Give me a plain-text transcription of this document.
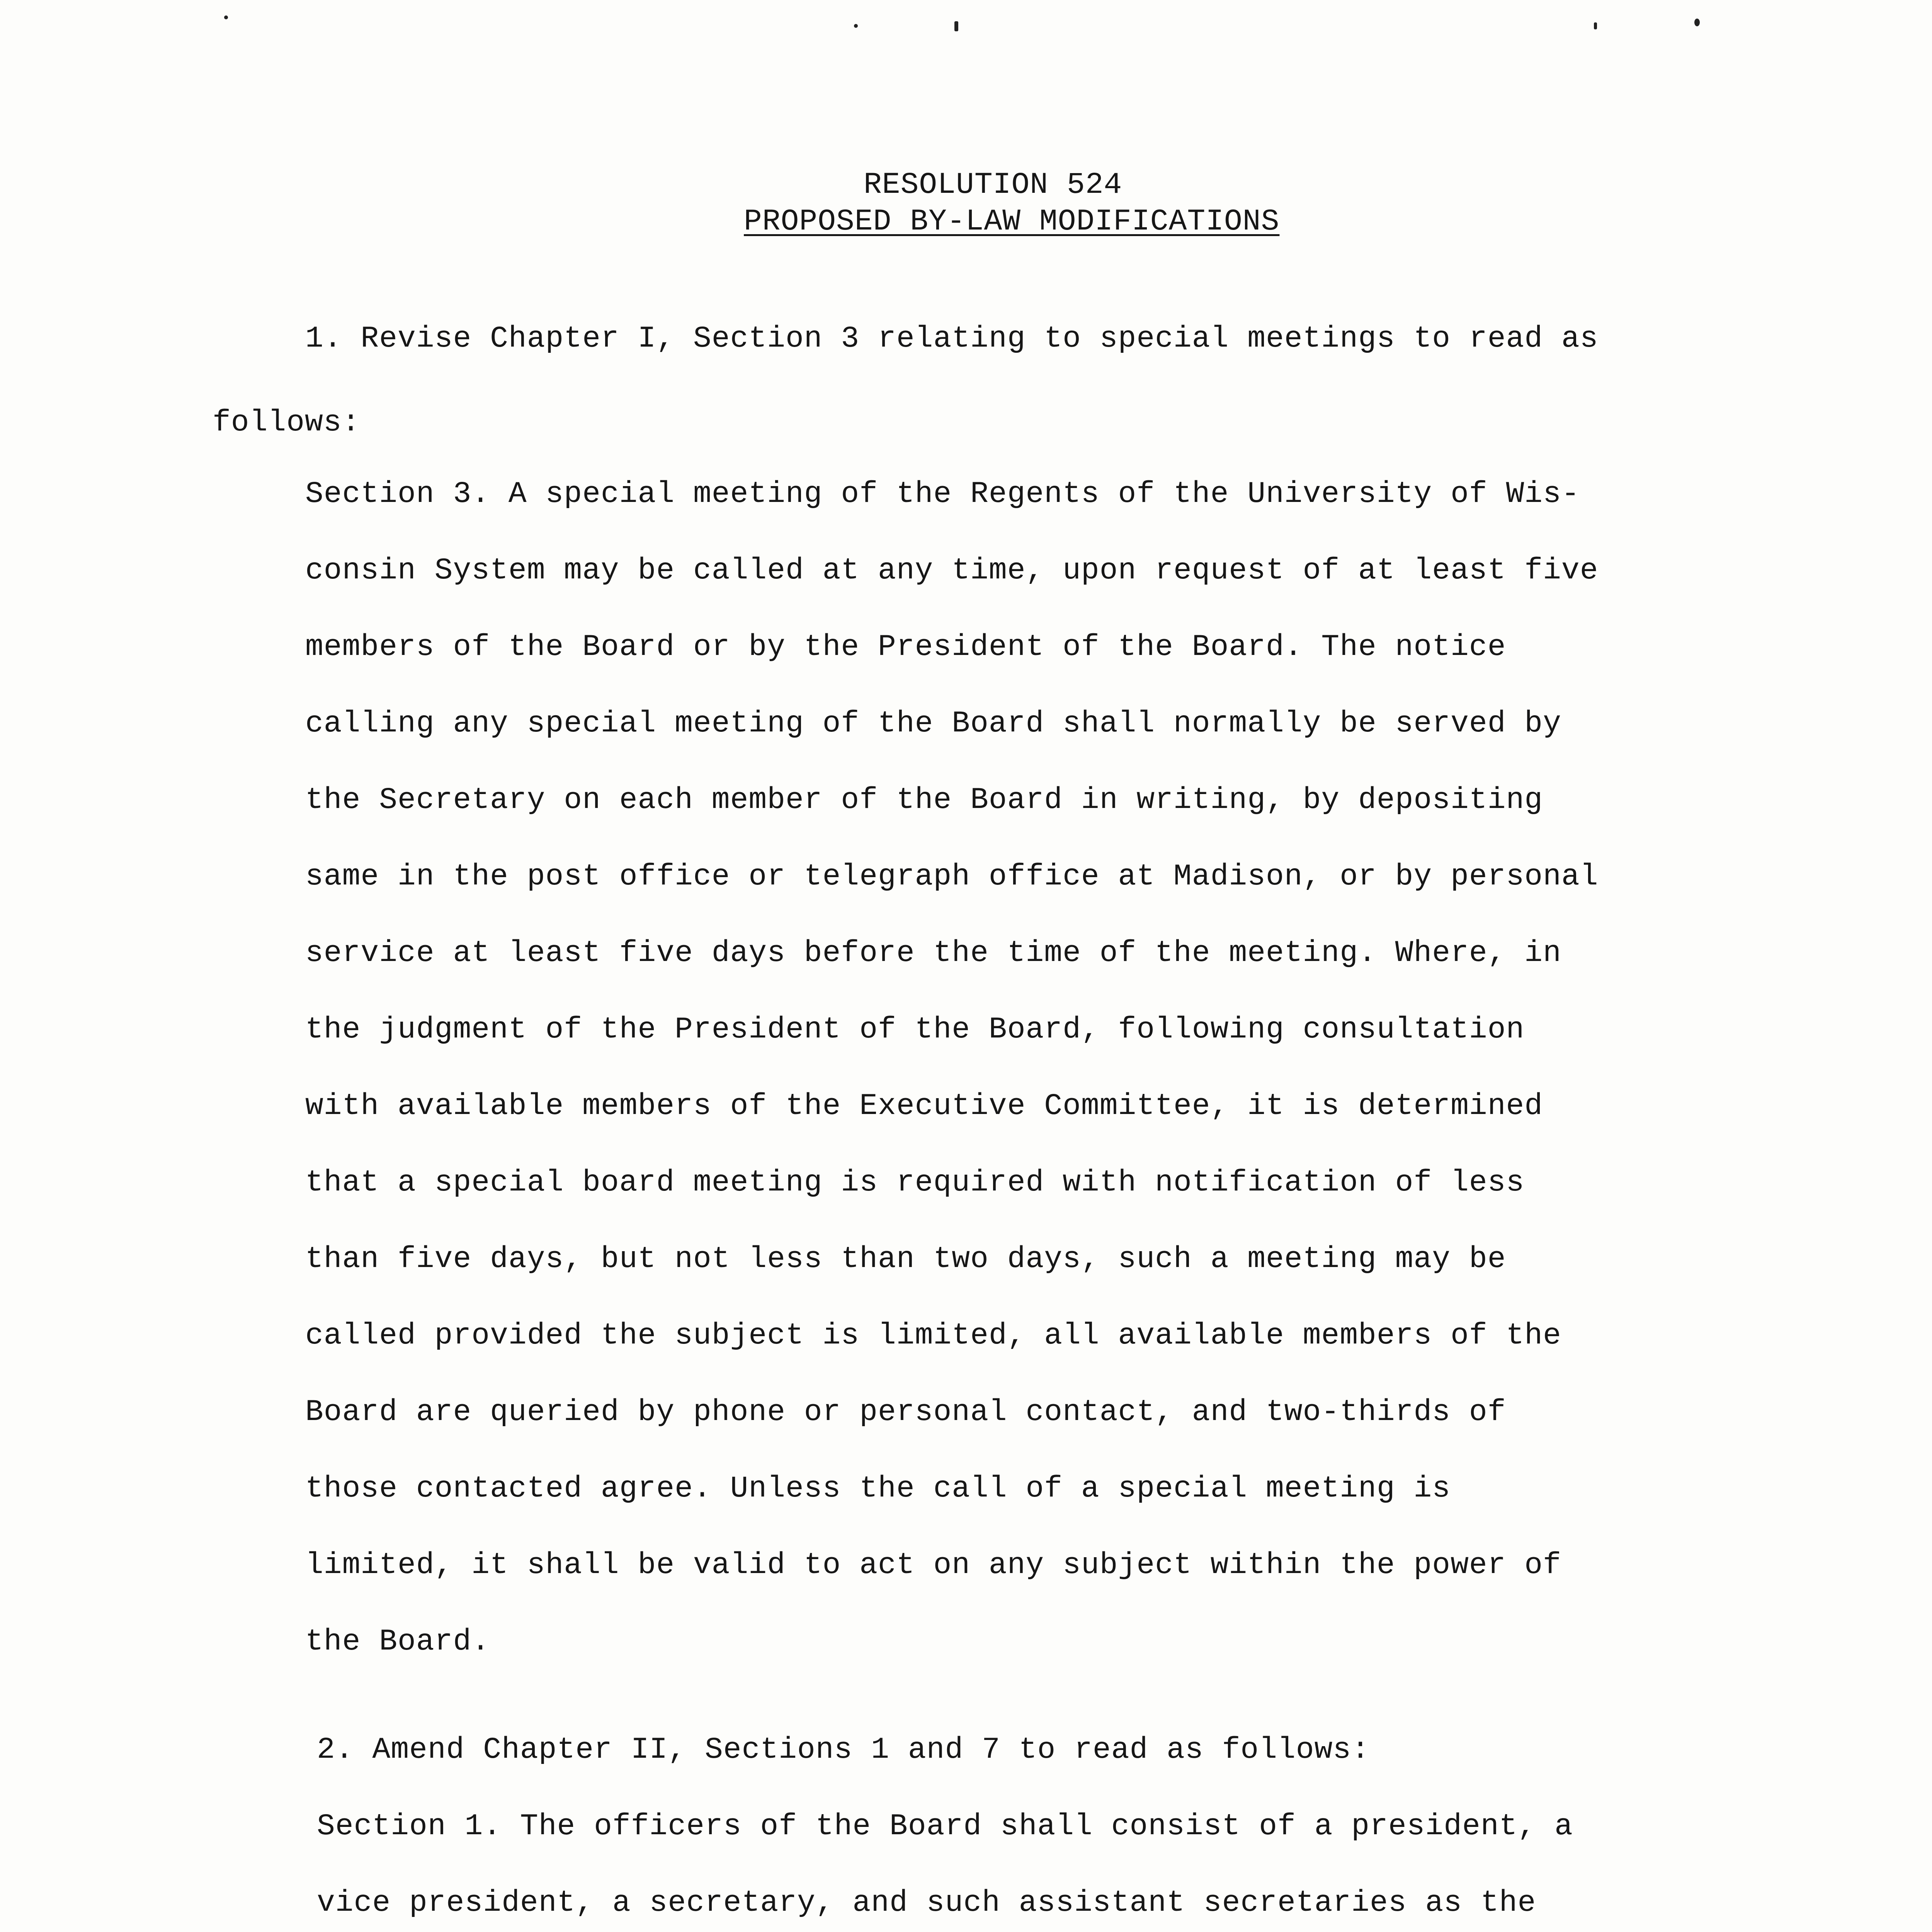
RESOLUTION 524
PROPOSED BY-LAW MODIFICATIONS
1. Revise Chapter I, Section 3 relating to special meetings to read as
follows:
Section 3. A special meeting of the Regents of the University of Wis-
consin System may be called at any time, upon request of at least five
members of the Board or by the President of the Board. The notice
calling any special meeting of the Board shall normally be served by
the Secretary on each member of the Board in writing, by depositing
same in the post office or telegraph office at Madison, or by personal
service at least five days before the time of the meeting. Where, in
the judgment of the President of the Board, following consultation
with available members of the Executive Committee, it is determined
that a special board meeting is required with notification of less
than five days, but not less than two days, such a meeting may be
called provided the subject is limited, all available members of the
Board are queried by phone or personal contact, and two-thirds of
those contacted agree. Unless the call of a special meeting is
limited, it shall be valid to act on any subject within the power of
the Board.
2. Amend Chapter II, Sections 1 and 7 to read as follows:
Section 1. The officers of the Board shall consist of a president, a
vice president, a secretary, and such assistant secretaries as the
